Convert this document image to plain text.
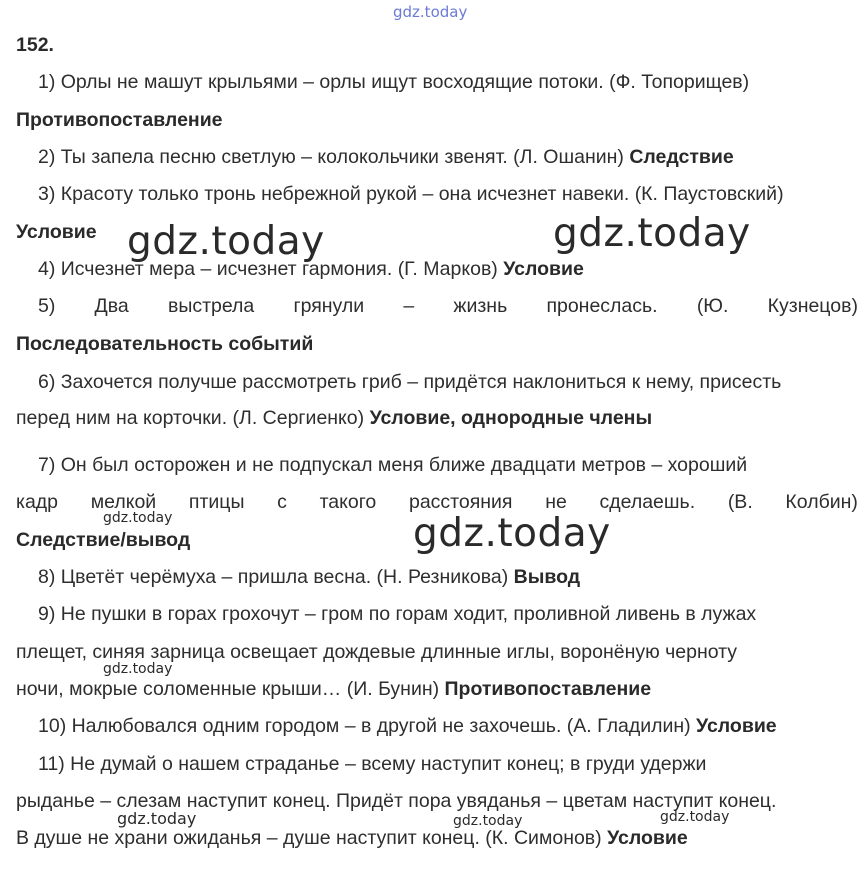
gdz.today
152.
1) Орлы не машут крыльями – орлы ищут восходящие потоки. (Ф. Топорищев)
Противопоставление
2) Ты запела песню светлую – колокольчики звенят. (Л. Ошанин) Следствие
3) Красоту только тронь небрежной рукой – она исчезнет навеки. (К. Паустовский)
Условие
4) Исчезнет мера – исчезнет гармония. (Г. Марков) Условие
5) Два выстрела грянули – жизнь пронеслась. (Ю. Кузнецов)
Последовательность событий
6) Захочется получше рассмотреть гриб – придётся наклониться к нему, присесть
перед ним на корточки. (Л. Сергиенко) Условие, однородные члены
7) Он был осторожен и не подпускал меня ближе двадцати метров – хороший
кадр мелкой птицы с такого расстояния не сделаешь. (В. Колбин)
Следствие/вывод
8) Цветёт черёмуха – пришла весна. (Н. Резникова) Вывод
9) Не пушки в горах грохочут – гром по горам ходит, проливной ливень в лужах
плещет, синяя зарница освещает дождевые длинные иглы, воронёную черноту
ночи, мокрые соломенные крыши… (И. Бунин) Противопоставление
10) Налюбовался одним городом – в другой не захочешь. (А. Гладилин) Условие
11) Не думай о нашем страданье – всему наступит конец; в груди удержи
рыданье – слезам наступит конец. Придёт пора увяданья – цветам наступит конец.
В душе не храни ожиданья – душе наступит конец. (К. Симонов) Условие
gdz.today	gdz.today
gdz.today
gdz.today
gdz.today
gdz.today	gdz.today	gdz.today
